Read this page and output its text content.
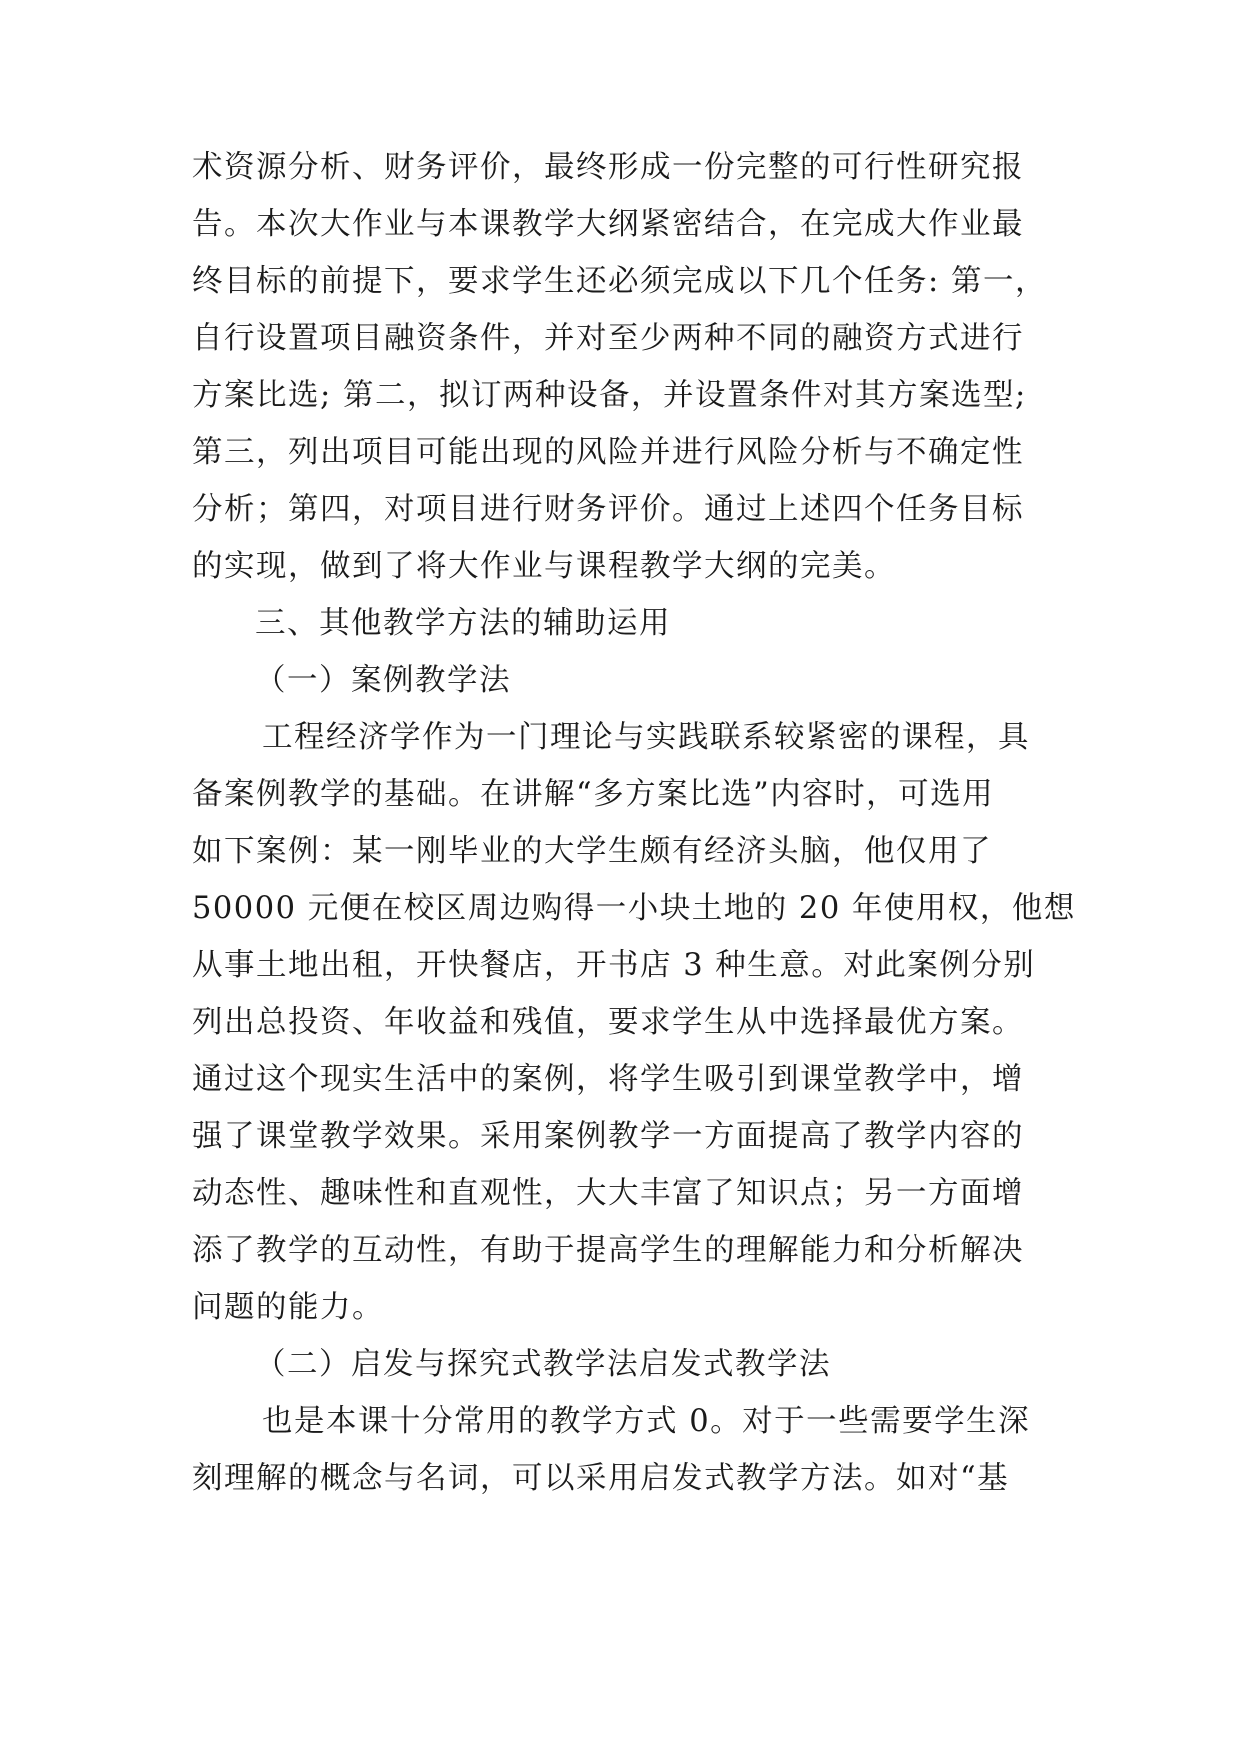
术资源分析、财务评价，最终形成一份完整的可行性研究报
告。本次大作业与本课教学大纲紧密结合，在完成大作业最
终目标的前提下，要求学生还必须完成以下几个任务: 第一，
自行设置项目融资条件，并对至少两种不同的融资方式进行
方案比选; 第二，拟订两种设备，并设置条件对其方案选型;
第三，列出项目可能出现的风险并进行风险分析与不确定性
分析；第四，对项目进行财务评价。通过上述四个任务目标
的实现，做到了将大作业与课程教学大纲的完美。
三、其他教学方法的辅助运用
（一）案例教学法
工程经济学作为一门理论与实践联系较紧密的课程，具
备案例教学的基础。在讲解“多方案比选”内容时，可选用
如下案例：某一刚毕业的大学生颇有经济头脑，他仅用了
50000 元便在校区周边购得一小块土地的 20 年使用权，他想
从事土地出租，开快餐店，开书店 3 种生意。对此案例分别
列出总投资、年收益和残值，要求学生从中选择最优方案。
通过这个现实生活中的案例，将学生吸引到课堂教学中，增
强了课堂教学效果。采用案例教学一方面提高了教学内容的
动态性、趣味性和直观性，大大丰富了知识点；另一方面增
添了教学的互动性，有助于提高学生的理解能力和分析解决
问题的能力。
（二）启发与探究式教学法启发式教学法
也是本课十分常用的教学方式 0。对于一些需要学生深
刻理解的概念与名词，可以采用启发式教学方法。如对“基
